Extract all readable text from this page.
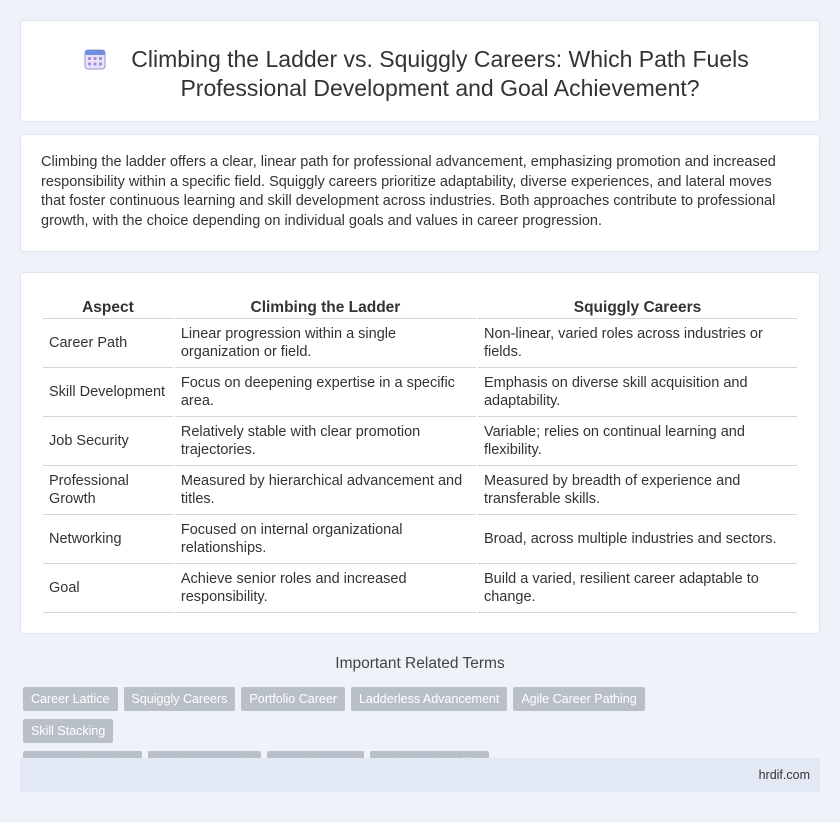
Climbing the Ladder vs. Squiggly Careers: Which Path Fuels Professional Development and Goal Achievement?

Climbing the ladder offers a clear, linear path for professional advancement, emphasizing promotion and increased responsibility within a specific field. Squiggly careers prioritize adaptability, diverse experiences, and lateral moves that foster continuous learning and skill development across industries. Both approaches contribute to professional growth, with the choice depending on individual goals and values in career progression.

Aspect	Climbing the Ladder	Squiggly Careers
Career Path	Linear progression within a single organization or field.	Non-linear, varied roles across industries or fields.
Skill Development	Focus on deepening expertise in a specific area.	Emphasis on diverse skill acquisition and adaptability.
Job Security	Relatively stable with clear promotion trajectories.	Variable; relies on continual learning and flexibility.
Professional Growth	Measured by hierarchical advancement and titles.	Measured by breadth of experience and transferable skills.
Networking	Focused on internal organizational relationships.	Broad, across multiple industries and sectors.
Goal	Achieve senior roles and increased responsibility.	Build a varied, resilient career adaptable to change.
Important Related Terms
Career Lattice Squiggly Careers Portfolio Career Ladderless Advancement Agile Career PathingSkill Stacking

hrdif.com
